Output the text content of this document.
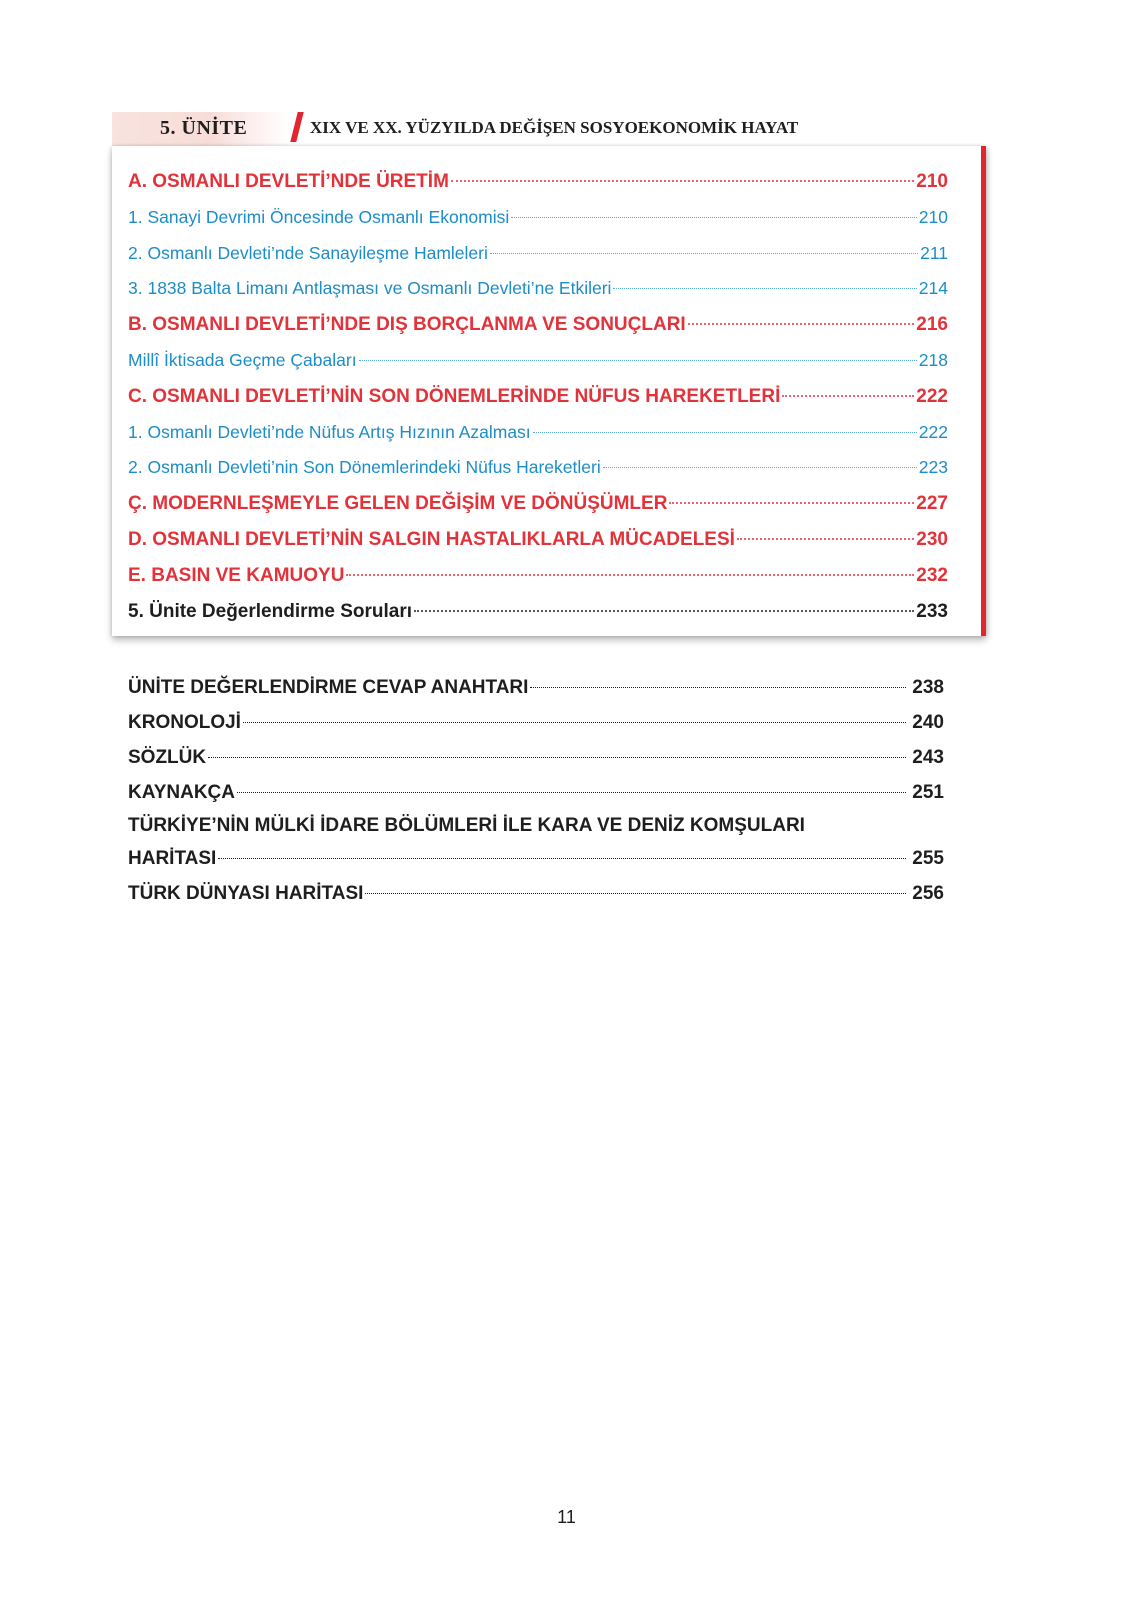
5. ÜNİTE	XIX VE XX. YÜZYILDA DEĞİŞEN SOSYOEKONOMİK HAYAT
A. OSMANLI DEVLETİ’NDE ÜRETİM	210
1. Sanayi Devrimi Öncesinde Osmanlı Ekonomisi	210
2. Osmanlı Devleti’nde Sanayileşme Hamleleri	211
3. 1838 Balta Limanı Antlaşması ve Osmanlı Devleti’ne Etkileri	214
B. OSMANLI DEVLETİ’NDE DIŞ BORÇLANMA VE SONUÇLARI	216
Millî İktisada Geçme Çabaları	218
C. OSMANLI DEVLETİ’NİN SON DÖNEMLERİNDE NÜFUS HAREKETLERİ	222
1. Osmanlı Devleti’nde Nüfus Artış Hızının Azalması	222
2. Osmanlı Devleti’nin Son Dönemlerindeki Nüfus Hareketleri	223
Ç. MODERNLEŞMEYLE GELEN DEĞİŞİM VE DÖNÜŞÜMLER	227
D. OSMANLI DEVLETİ’NİN SALGIN HASTALIKLARLA MÜCADELESİ	230
E. BASIN VE KAMUOYU	232
5. Ünite Değerlendirme Soruları	233
ÜNİTE DEĞERLENDİRME CEVAP ANAHTARI	238
KRONOLOJİ	240
SÖZLÜK	243
KAYNAKÇA	251
TÜRKİYE’NİN MÜLKİ İDARE BÖLÜMLERİ İLE KARA VE DENİZ KOMŞULARI
HARİTASI	255
TÜRK DÜNYASI HARİTASI	256
11
